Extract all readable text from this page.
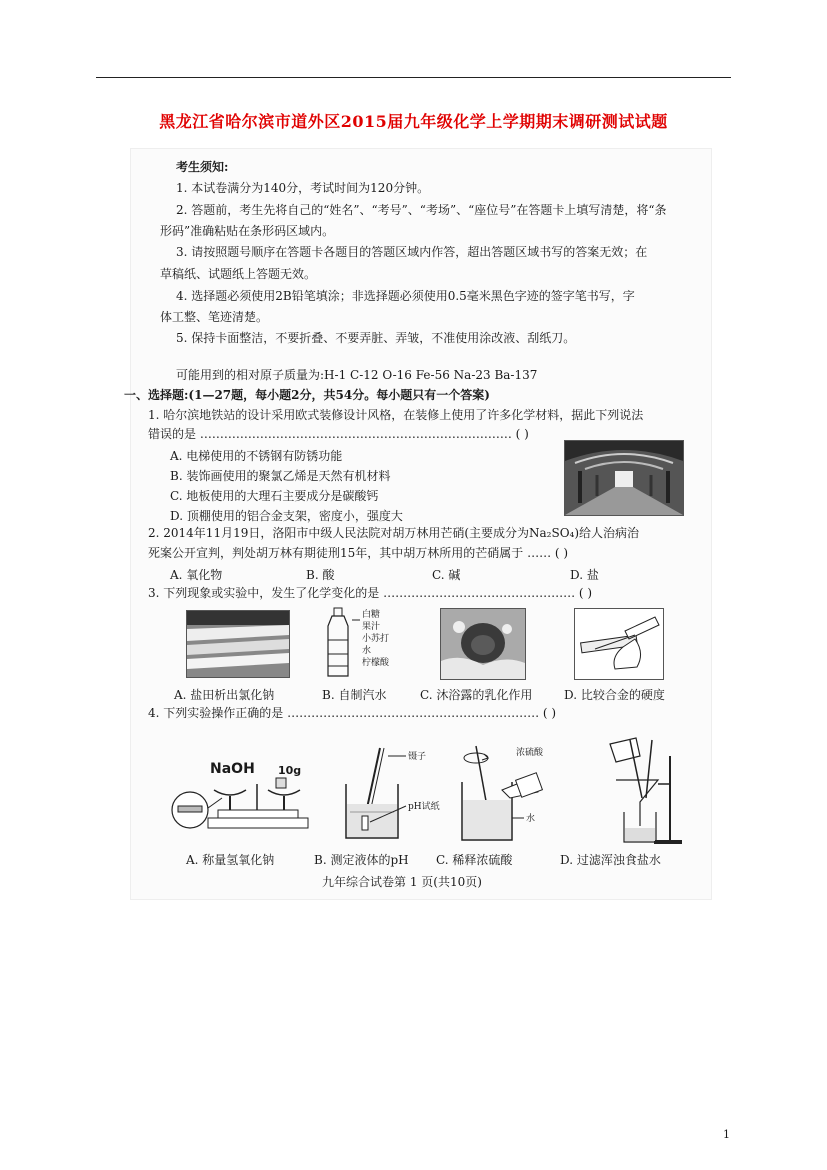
黑龙江省哈尔滨市道外区2015届九年级化学上学期期末调研测试试题
考生须知:
1. 本试卷满分为140分，考试时间为120分钟。
2. 答题前，考生先将自己的“姓名”、“考号”、“考场”、“座位号”在答题卡上填写清楚，将“条
形码”准确粘贴在条形码区域内。
3. 请按照题号顺序在答题卡各题目的答题区域内作答，超出答题区域书写的答案无效；在
草稿纸、试题纸上答题无效。
4. 选择题必须使用2B铅笔填涂；非选择题必须使用0.5毫米黑色字迹的签字笔书写，字
体工整、笔迹清楚。
5. 保持卡面整洁，不要折叠、不要弄脏、弄皱，不准使用涂改液、刮纸刀。
可能用到的相对原子质量为:H-1 C-12 O-16 Fe-56 Na-23 Ba-137
一、选择题:(1—27题，每小题2分，共54分。每小题只有一个答案)
1. 哈尔滨地铁站的设计采用欧式装修设计风格，在装修上使用了许多化学材料，据此下列说法
错误的是 …………………………………………………………………… ( )
A. 电梯使用的不锈钢有防锈功能
B. 装饰画使用的聚氯乙烯是天然有机材料
C. 地板使用的大理石主要成分是碳酸钙
D. 顶棚使用的铝合金支架，密度小，强度大
2. 2014年11月19日，洛阳市中级人民法院对胡万林用芒硝(主要成分为Na₂SO₄)给人治病治
死案公开宣判，判处胡万林有期徒刑15年，其中胡万林所用的芒硝属于 …… ( )
A. 氧化物	B. 酸	C. 碱	D. 盐
3. 下列现象或实验中，发生了化学变化的是 ………………………………………… ( )
白糖
果汁
小苏打
水
柠檬酸
A. 盐田析出氯化钠	B. 自制汽水	C. 沐浴露的乳化作用	D. 比较合金的硬度
4. 下列实验操作正确的是 ……………………………………………………… ( )
NaOH 10g
镊子
pH试纸
浓硫酸
水
A. 称量氢氧化钠	B. 测定液体的pH C. 稀释浓硫酸	D. 过滤浑浊食盐水
九年综合试卷第 1 页(共10页)
1
